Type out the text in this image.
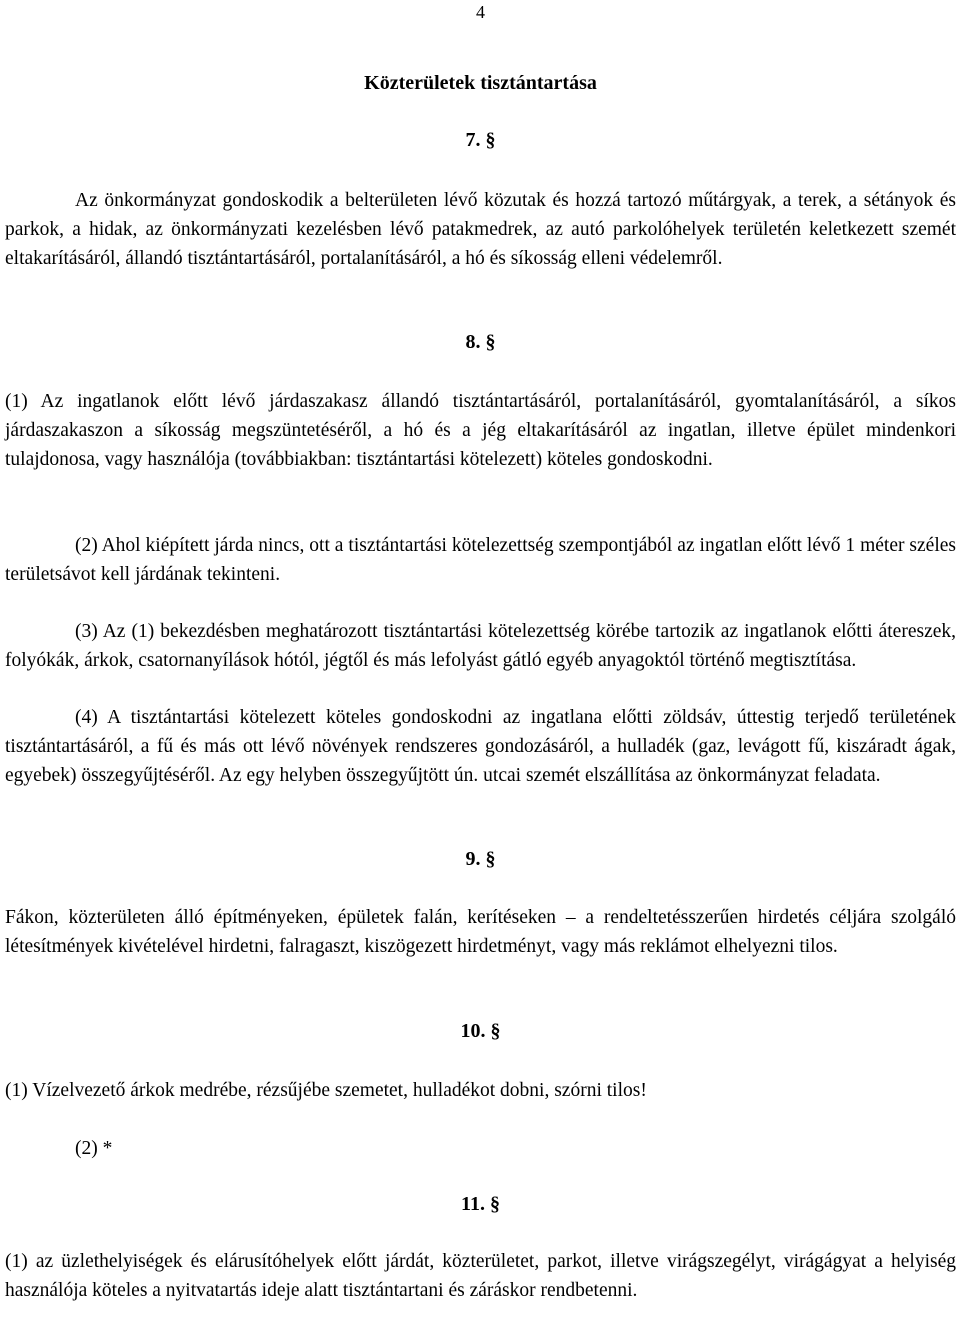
4
Közterületek tisztántartása
7. §
Az önkormányzat gondoskodik a belterületen lévő közutak és hozzá tartozó műtárgyak, a terek, a sétányok és parkok, a hidak, az önkormányzati kezelésben lévő patakmedrek, az autó parkolóhelyek területén keletkezett szemét eltakarításáról, állandó tisztántartásáról, portalanításáról, a hó és síkosság elleni védelemről.
8. §
(1) Az ingatlanok előtt lévő járdaszakasz állandó tisztántartásáról, portalanításáról, gyomtalanításáról, a síkos járdaszakaszon a síkosság megszüntetéséről, a hó és a jég eltakarításáról az ingatlan, illetve épület mindenkori tulajdonosa, vagy használója (továbbiakban: tisztántartási kötelezett) köteles gondoskodni.
(2) Ahol kiépített járda nincs, ott a tisztántartási kötelezettség szempontjából az ingatlan előtt lévő 1 méter széles területsávot kell járdának tekinteni.
(3) Az (1) bekezdésben meghatározott tisztántartási kötelezettség körébe tartozik az ingatlanok előtti átereszek, folyókák, árkok, csatornanyílások hótól, jégtől és más lefolyást gátló egyéb anyagoktól történő megtisztítása.
(4) A tisztántartási kötelezett köteles gondoskodni az ingatlana előtti zöldsáv, úttestig terjedő területének tisztántartásáról, a fű és más ott lévő növények rendszeres gondozásáról, a hulladék (gaz, levágott fű, kiszáradt ágak, egyebek) összegyűjtéséről. Az egy helyben összegyűjtött ún. utcai szemét elszállítása az önkormányzat feladata.
9. §
Fákon, közterületen álló építményeken, épületek falán, kerítéseken – a rendeltetésszerűen hirdetés céljára szolgáló létesítmények kivételével hirdetni, falragaszt, kiszögezett hirdetményt, vagy más reklámot elhelyezni tilos.
10. §
(1) Vízelvezető árkok medrébe, rézsűjébe szemetet, hulladékot dobni, szórni tilos!
(2) *
11. §
(1) az üzlethelyiségek és elárusítóhelyek előtt járdát, közterületet, parkot, illetve virágszegélyt, virágágyat a helyiség használója köteles a nyitvatartás ideje alatt tisztántartani és záráskor rendbetenni.
